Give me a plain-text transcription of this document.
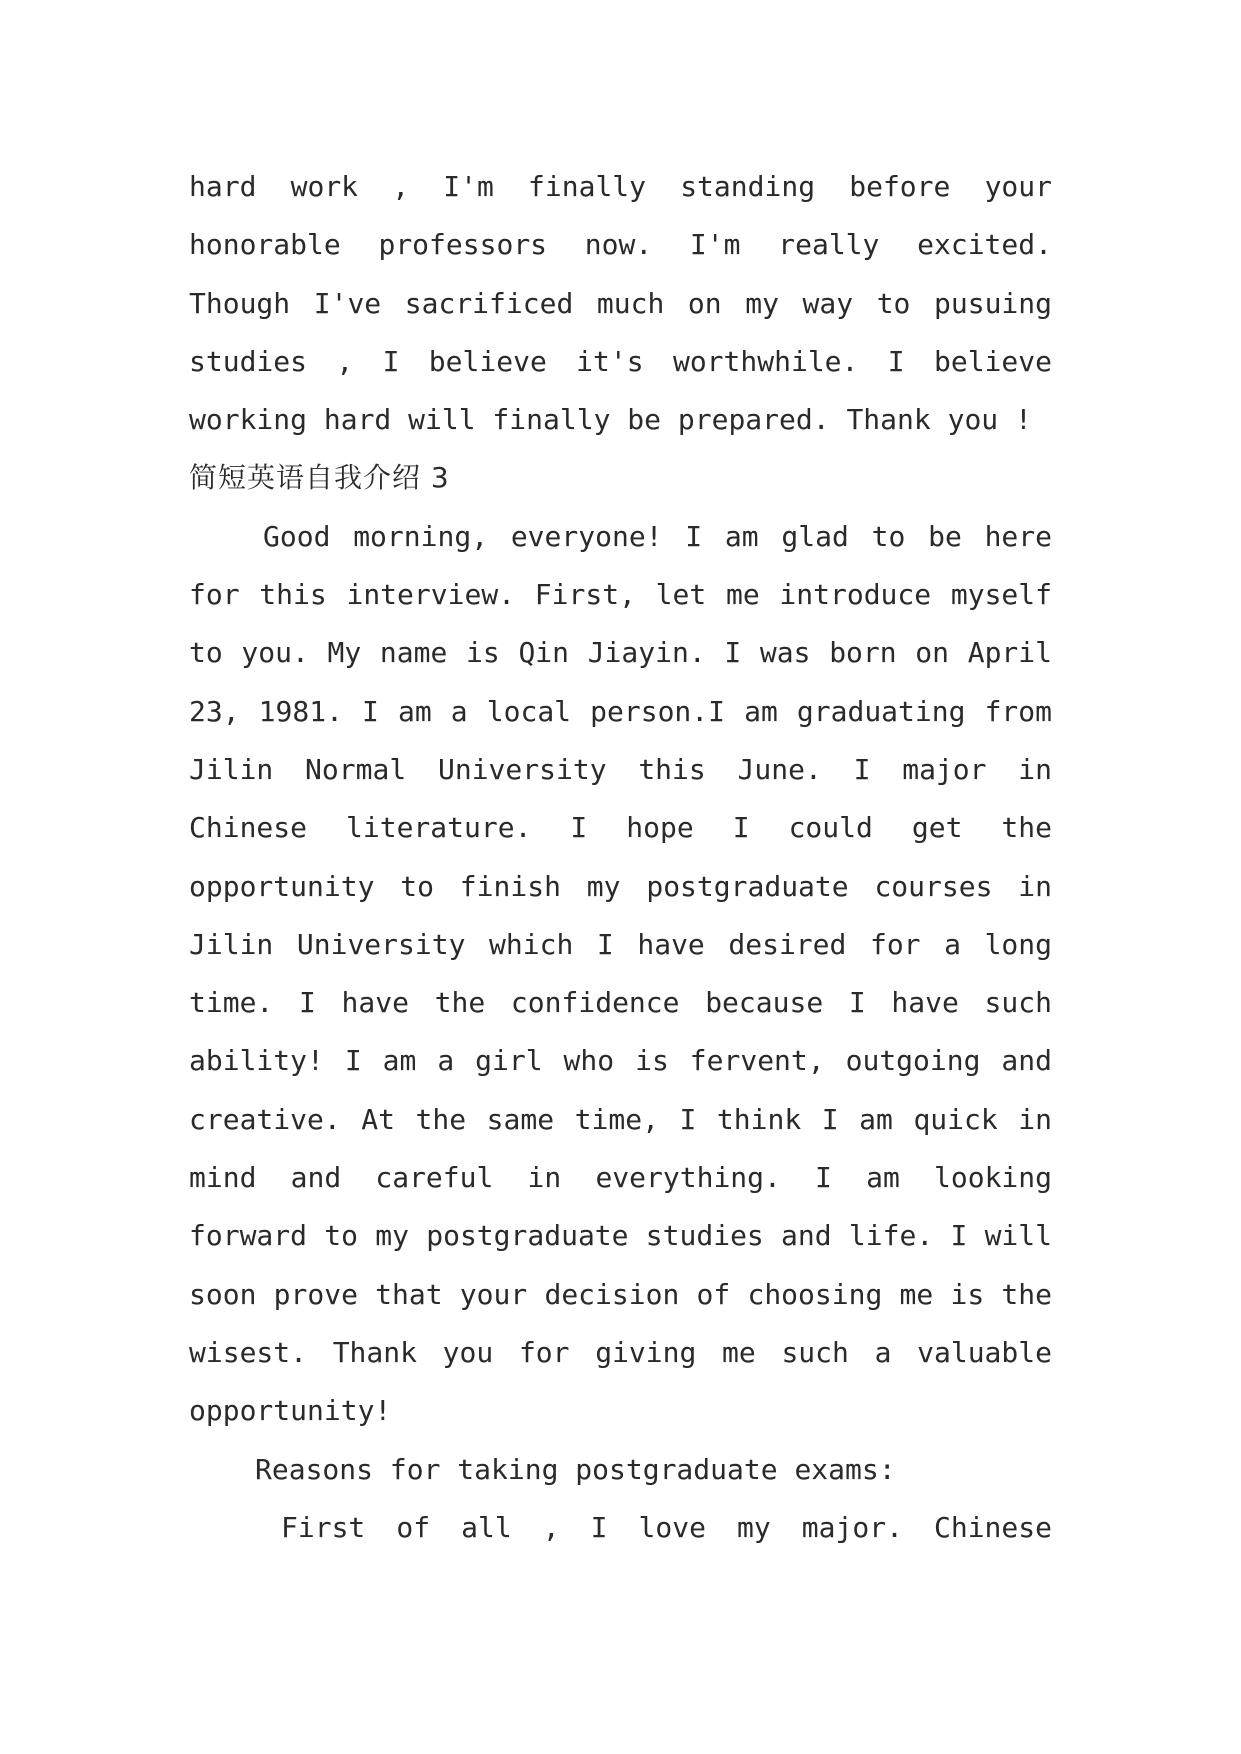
hard work , I'm finally standing before your
honorable professors now. I'm really excited.
Though I've sacrificed much on my way to pusuing
studies , I believe it's worthwhile. I believe
working hard will finally be prepared. Thank you !
简短英语自我介绍 3
Good morning, everyone! I am glad to be here
for this interview. First, let me introduce myself
to you. My name is Qin Jiayin. I was born on April
23, 1981. I am a local person.I am graduating from
Jilin Normal University this June. I major in
Chinese literature. I hope I could get the
opportunity to finish my postgraduate courses in
Jilin University which I have desired for a long
time. I have the confidence because I have such
ability! I am a girl who is fervent, outgoing and
creative. At the same time, I think I am quick in
mind and careful in everything. I am looking
forward to my postgraduate studies and life. I will
soon prove that your decision of choosing me is the
wisest. Thank you for giving me such a valuable
opportunity!
Reasons for taking postgraduate exams:
First of all , I love my major. Chinese
